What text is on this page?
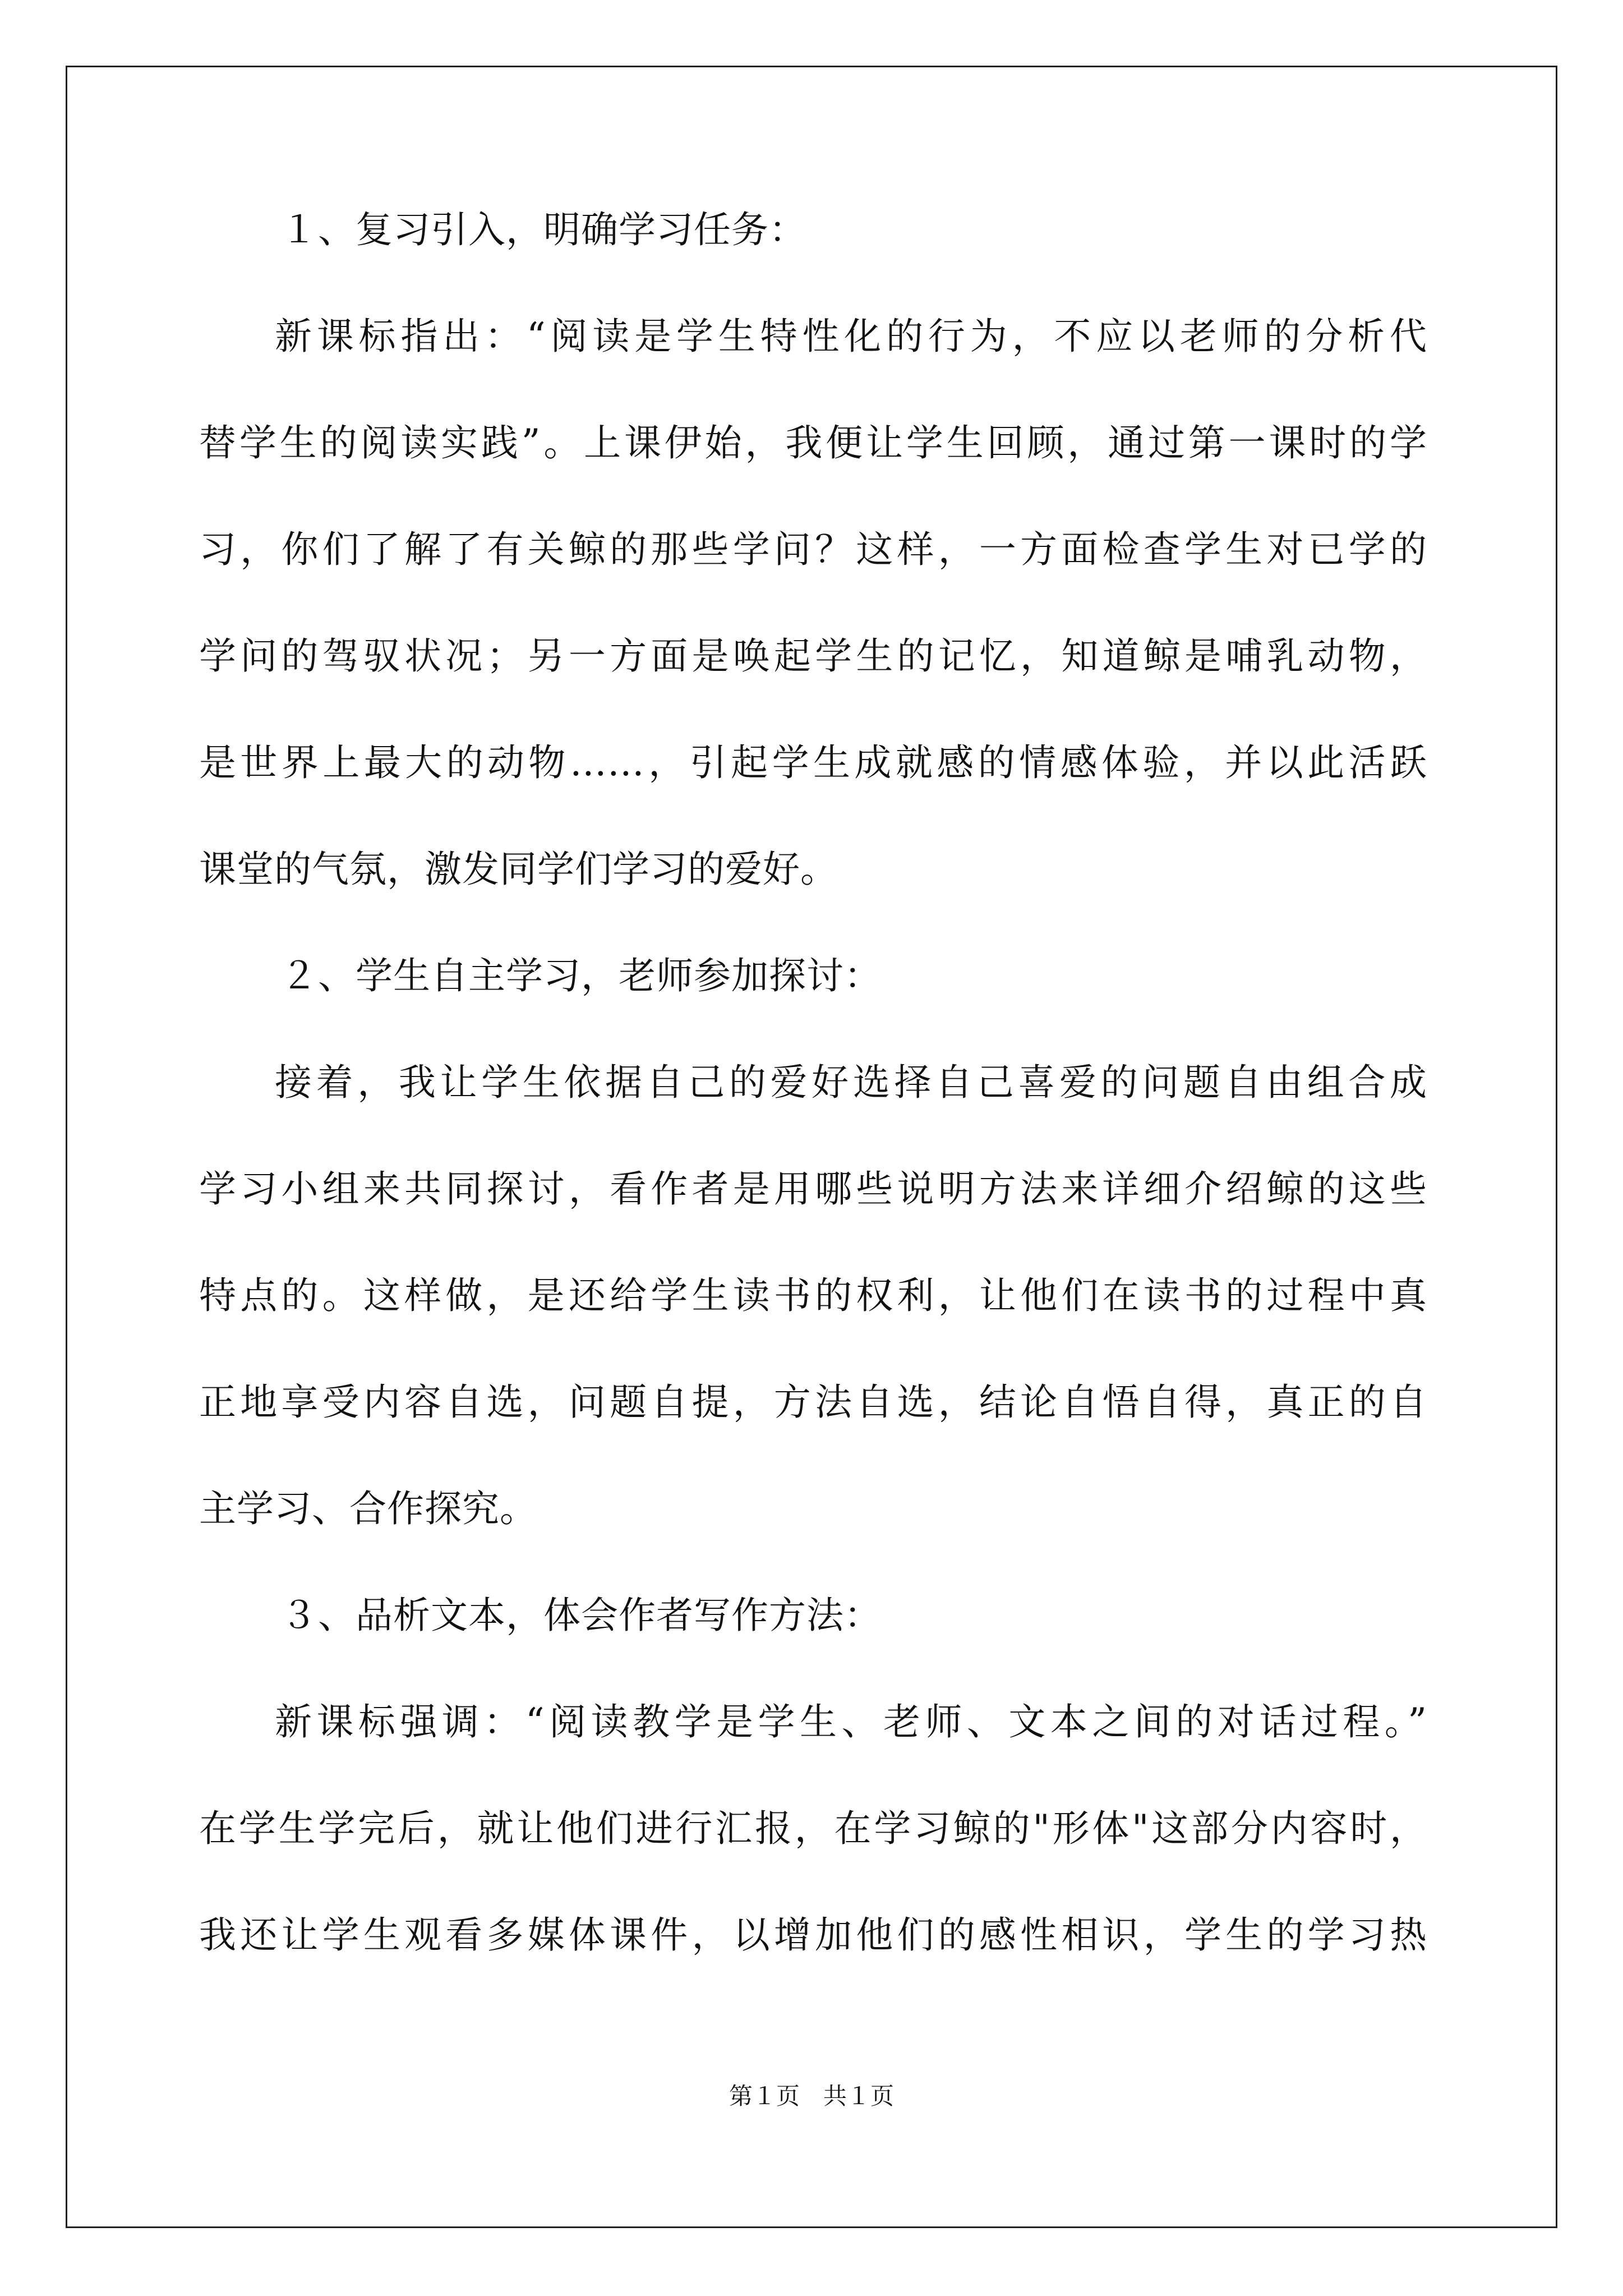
１、复习引入，明确学习任务：
新课标指出：“阅读是学生特性化的行为，不应以老师的分析代
替学生的阅读实践”。上课伊始，我便让学生回顾，通过第一课时的学
习，你们了解了有关鲸的那些学问？这样，一方面检查学生对已学的
学问的驾驭状况；另一方面是唤起学生的记忆，知道鲸是哺乳动物，
是世界上最大的动物……，引起学生成就感的情感体验，并以此活跃
课堂的气氛，激发同学们学习的爱好。
２、学生自主学习，老师参加探讨：
接着，我让学生依据自己的爱好选择自己喜爱的问题自由组合成
学习小组来共同探讨，看作者是用哪些说明方法来详细介绍鲸的这些
特点的。这样做，是还给学生读书的权利，让他们在读书的过程中真
正地享受内容自选，问题自提，方法自选，结论自悟自得，真正的自
主学习、合作探究。
３、品析文本，体会作者写作方法：
新课标强调：“阅读教学是学生、老师、文本之间的对话过程。”
在学生学完后，就让他们进行汇报，在学习鲸的"形体"这部分内容时，
我还让学生观看多媒体课件，以增加他们的感性相识，学生的学习热
第１页　共１页
